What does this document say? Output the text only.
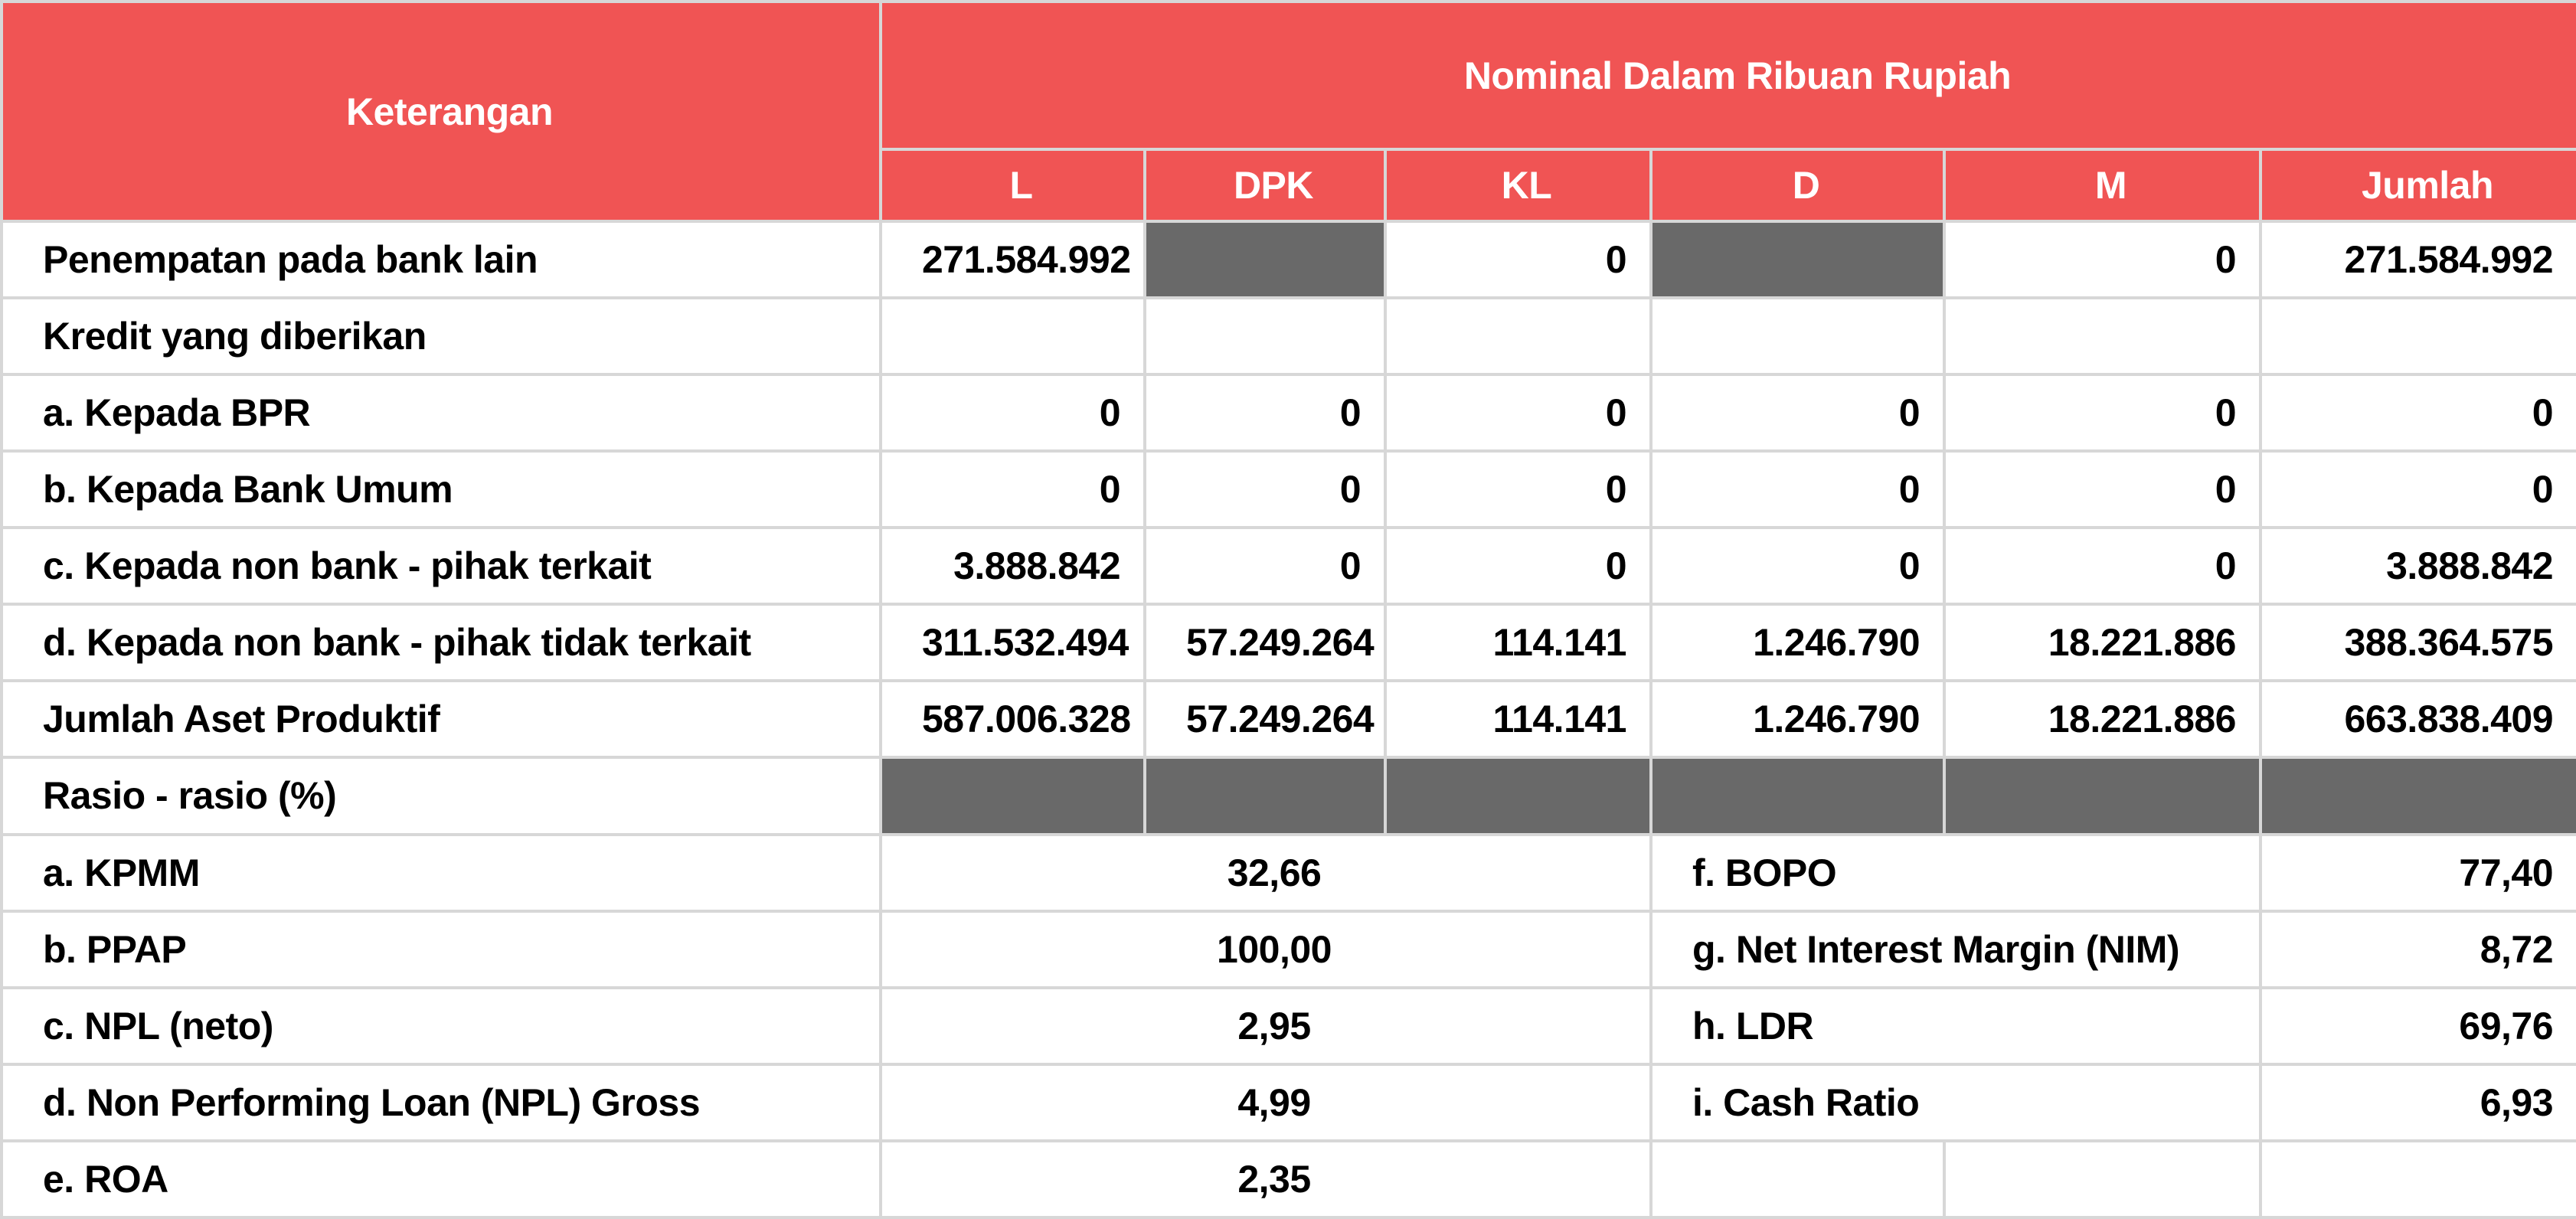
Keterangan	Nominal Dalam Ribuan Rupiah					
	L	DPK	KL	D	M	Jumlah
Penempatan pada bank lain	271.584.992		0		0	271.584.992
Kredit yang diberikan						
a. Kepada BPR	0	0	0	0	0	0
b. Kepada Bank Umum	0	0	0	0	0	0
c. Kepada non bank - pihak terkait	3.888.842	0	0	0	0	3.888.842
d. Kepada non bank - pihak tidak terkait	311.532.494	57.249.264	114.141	1.246.790	18.221.886	388.364.575
Jumlah Aset Produktif	587.006.328	57.249.264	114.141	1.246.790	18.221.886	663.838.409
Rasio - rasio (%)						
a. KPMM	32,66			f. BOPO		77,40
b. PPAP	100,00			g. Net Interest Margin (NIM)		8,72
c. NPL (neto)	2,95			h. LDR		69,76
d. Non Performing Loan (NPL) Gross	4,99			i. Cash Ratio		6,93
e. ROA	2,35					
